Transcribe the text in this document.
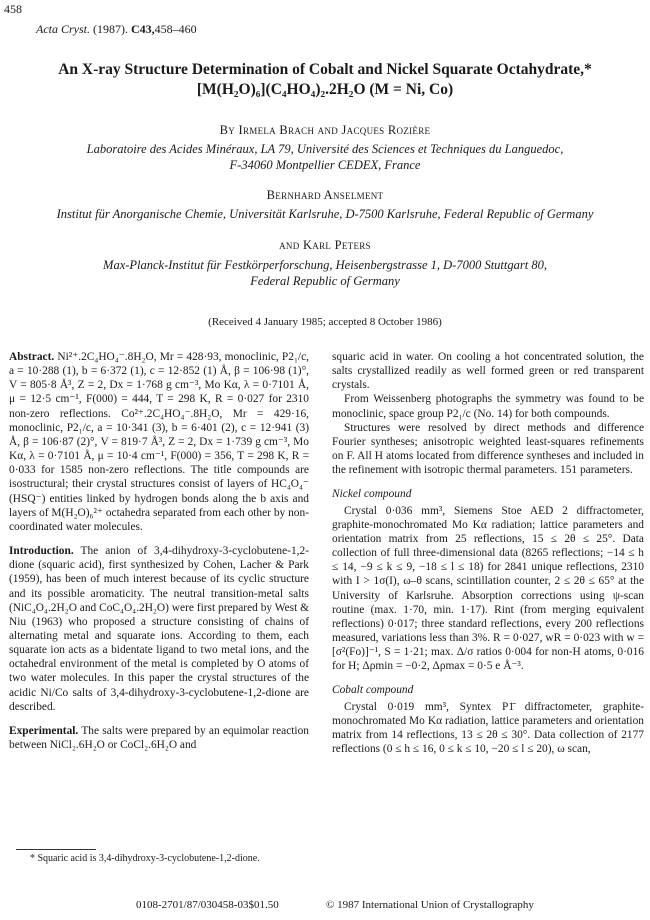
458
Acta Cryst. (1987). C43,458–460
An X-ray Structure Determination of Cobalt and Nickel Squarate Octahydrate,*
[M(H₂O)₆](C₄HO₄)₂.2H₂O (M = Ni, Co)
By Irmela Brach and Jacques Rozière
Laboratoire des Acides Minéraux, LA 79, Université des Sciences et Techniques du Languedoc,
F-34060 Montpellier CEDEX, France
Bernhard Anselment
Institut für Anorganische Chemie, Universität Karlsruhe, D-7500 Karlsruhe, Federal Republic of Germany
and Karl Peters
Max-Planck-Institut für Festkörperforschung, Heisenbergstrasse 1, D-7000 Stuttgart 80,
Federal Republic of Germany
(Received 4 January 1985; accepted 8 October 1986)

Abstract. Ni²⁺.2C₄HO₄⁻.8H₂O, Mr = 428·93, monoclinic, P2₁/c, a = 10·288 (1), b = 6·372 (1), c = 12·852 (1) Å, β = 106·98 (1)°, V = 805·8 Å³, Z = 2, Dx = 1·768 g cm⁻³, Mo Kα, λ = 0·7101 Å, μ = 12·5 cm⁻¹, F(000) = 444, T = 298 K, R = 0·027 for 2310 non-zero reflections. Co²⁺.2C₄HO₄⁻.8H₂O, Mr = 429·16, monoclinic, P2₁/c, a = 10·341 (3), b = 6·401 (2), c = 12·941 (3) Å, β = 106·87 (2)°, V = 819·7 Å³, Z = 2, Dx = 1·739 g cm⁻³, Mo Kα, λ = 0·7101 Å, μ = 10·4 cm⁻¹, F(000) = 356, T = 298 K, R = 0·033 for 1585 non-zero reflections. The title compounds are isostructural; their crystal structures consist of layers of HC₄O₄⁻ (HSQ⁻) entities linked by hydrogen bonds along the b axis and layers of M(H₂O)₆²⁺ octahedra separated from each other by non-coordinated water molecules.

Introduction. The anion of 3,4-dihydroxy-3-cyclobutene-1,2-dione (squaric acid), first synthesized by Cohen, Lacher & Park (1959), has been of much interest because of its cyclic structure and its possible aromaticity. The neutral transition-metal salts (NiC₄O₄.2H₂O and CoC₄O₄.2H₂O) were first prepared by West & Niu (1963) who proposed a structure consisting of chains of alternating metal and squarate ions. According to them, each squarate ion acts as a bidentate ligand to two metal ions, and the octahedral environment of the metal is completed by O atoms of two water molecules. In this paper the crystal structures of the acidic Ni/Co salts of 3,4-dihydroxy-3-cyclobutene-1,2-dione are described.

Experimental. The salts were prepared by an equimolar reaction between NiCl₂.6H₂O or CoCl₂.6H₂O and

squaric acid in water. On cooling a hot concentrated solution, the salts crystallized readily as well formed green or red transparent crystals.

From Weissenberg photographs the symmetry was found to be monoclinic, space group P2₁/c (No. 14) for both compounds.

Structures were resolved by direct methods and difference Fourier syntheses; anisotropic weighted least-squares refinements on F. All H atoms located from difference syntheses and included in the refinement with isotropic thermal parameters. 151 parameters.

Nickel compound

Crystal 0·036 mm³, Siemens Stoe AED 2 diffractometer, graphite-monochromated Mo Kα radiation; lattice parameters and orientation matrix from 25 reflections, 15 ≤ 2θ ≤ 25°. Data collection of full three-dimensional data (8265 reflections; −14 ≤ h ≤ 14, −9 ≤ k ≤ 9, −18 ≤ l ≤ 18) for 2841 unique reflections, 2310 with I > 1σ(I), ω–θ scans, scintillation counter, 2 ≤ 2θ ≤ 65° at the University of Karlsruhe. Absorption corrections using ψ-scan routine (max. 1·70, min. 1·17). Rint (from merging equivalent reflections) 0·017; three standard reflections, every 200 reflections measured, variations less than 3%. R = 0·027, wR = 0·023 with w = [σ²(Fo)]⁻¹, S = 1·21; max. Δ/σ ratios 0·004 for non-H atoms, 0·016 for H; Δρmin = −0·2, Δρmax = 0·5 e Å⁻³.

Cobalt compound

Crystal 0·019 mm³, Syntex P1̄ diffractometer, graphite-monochromated Mo Kα radiation, lattice parameters and orientation matrix from 14 reflections, 13 ≤ 2θ ≤ 30°. Data collection of 2177 reflections (0 ≤ h ≤ 16, 0 ≤ k ≤ 10, −20 ≤ l ≤ 20), ω scan,

* Squaric acid is 3,4-dihydroxy-3-cyclobutene-1,2-dione.
0108-2701/87/030458-03$01.50	© 1987 International Union of Crystallography
